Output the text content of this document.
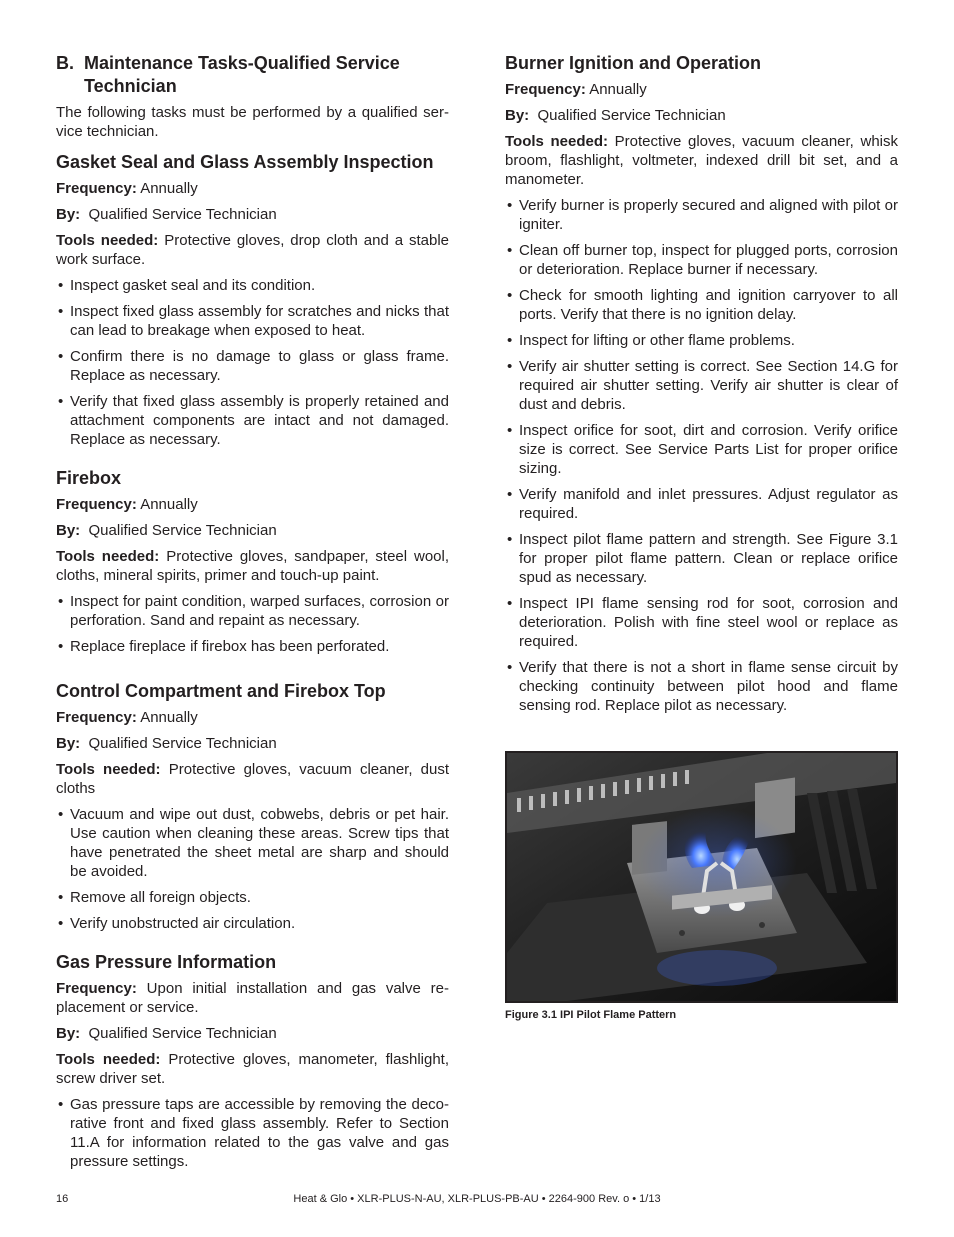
B. Maintenance Tasks-Qualified Service Technician

The following tasks must be performed by a qualified ser-vice technician.

Gasket Seal and Glass Assembly Inspection

Frequency: Annually

By: Qualified Service Technician

Tools needed: Protective gloves, drop cloth and a stable work surface.

• Inspect gasket seal and its condition.
• Inspect fixed glass assembly for scratches and nicks that can lead to breakage when exposed to heat.
• Confirm there is no damage to glass or glass frame. Replace as necessary.
• Verify that fixed glass assembly is properly retained and attachment components are intact and not damaged. Replace as necessary.
Firebox

Frequency: Annually

By: Qualified Service Technician

Tools needed: Protective gloves, sandpaper, steel wool, cloths, mineral spirits, primer and touch-up paint.

• Inspect for paint condition, warped surfaces, corrosion or perforation. Sand and repaint as necessary.
• Replace fireplace if firebox has been perforated.
Control Compartment and Firebox Top

Frequency: Annually

By: Qualified Service Technician

Tools needed: Protective gloves, vacuum cleaner, dust cloths

• Vacuum and wipe out dust, cobwebs, debris or pet hair. Use caution when cleaning these areas. Screw tips that have penetrated the sheet metal are sharp and should be avoided.
• Remove all foreign objects.
• Verify unobstructed air circulation.
Gas Pressure Information

Frequency: Upon initial installation and gas valve re-placement or service.

By: Qualified Service Technician

Tools needed: Protective gloves, manometer, flashlight, screw driver set.

• Gas pressure taps are accessible by removing the deco-rative front and fixed glass assembly. Refer to Section 11.A for information related to the gas valve and gas pressure settings.
Burner Ignition and Operation

Frequency: Annually

By: Qualified Service Technician

Tools needed: Protective gloves, vacuum cleaner, whisk broom, flashlight, voltmeter, indexed drill bit set, and a manometer.

• Verify burner is properly secured and aligned with pilot or igniter.
• Clean off burner top, inspect for plugged ports, corrosion or deterioration. Replace burner if necessary.
• Check for smooth lighting and ignition carryover to all ports. Verify that there is no ignition delay.
• Inspect for lifting or other flame problems.
• Verify air shutter setting is correct. See Section 14.G for required air shutter setting. Verify air shutter is clear of dust and debris.
• Inspect orifice for soot, dirt and corrosion. Verify orifice size is correct. See Service Parts List for proper orifice sizing.
• Verify manifold and inlet pressures. Adjust regulator as required.
• Inspect pilot flame pattern and strength. See Figure 3.1 for proper pilot flame pattern. Clean or replace orifice spud as necessary.
• Inspect IPI flame sensing rod for soot, corrosion and deterioration. Polish with fine steel wool or replace as required.
• Verify that there is not a short in flame sense circuit by checking continuity between pilot hood and flame sensing rod. Replace pilot as necessary.
Figure 3.1 IPI Pilot Flame Pattern
16	Heat & Glo • XLR-PLUS-N-AU, XLR-PLUS-PB-AU • 2264-900 Rev. o • 1/13
